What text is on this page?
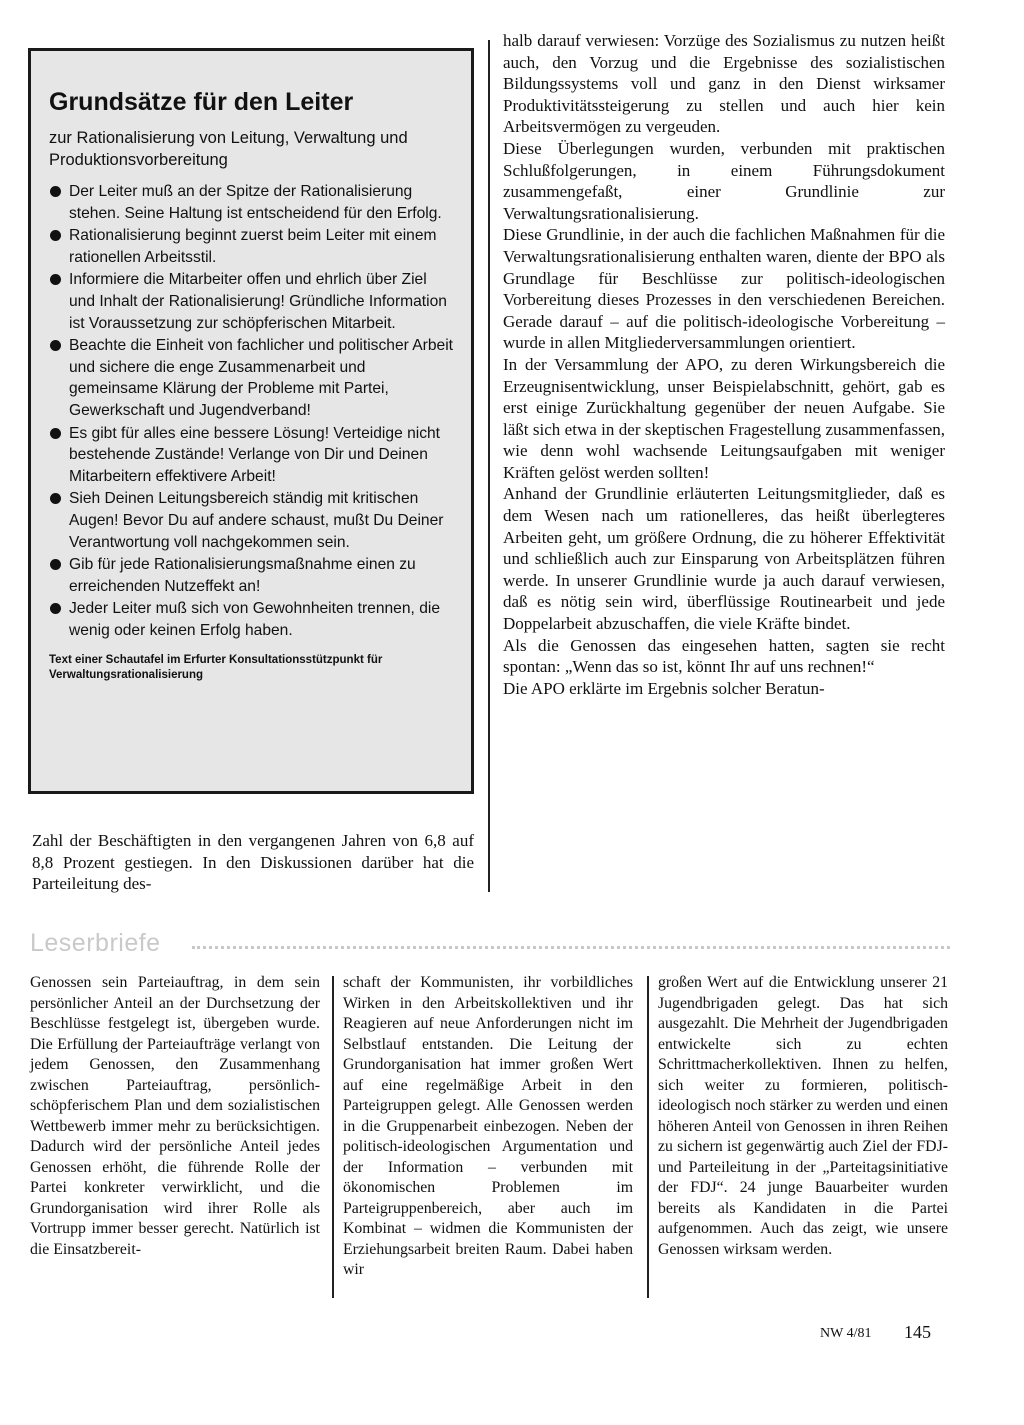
Grundsätze für den Leiter
zur Rationalisierung von Leitung, Verwaltung und Produktionsvorbereitung
Der Leiter muß an der Spitze der Rationalisierung stehen. Seine Haltung ist entscheidend für den Erfolg.
Rationalisierung beginnt zuerst beim Leiter mit einem rationellen Arbeitsstil.
Informiere die Mitarbeiter offen und ehrlich über Ziel und Inhalt der Rationalisierung! Gründliche Information ist Voraussetzung zur schöpferischen Mitarbeit.
Beachte die Einheit von fachlicher und politischer Arbeit und sichere die enge Zusammenarbeit und gemeinsame Klärung der Probleme mit Partei, Gewerkschaft und Jugendverband!
Es gibt für alles eine bessere Lösung! Verteidige nicht bestehende Zustände! Verlange von Dir und Deinen Mitarbeitern effektivere Arbeit!
Sieh Deinen Leitungsbereich ständig mit kritischen Augen! Bevor Du auf andere schaust, mußt Du Deiner Verantwortung voll nachgekommen sein.
Gib für jede Rationalisierungsmaßnahme einen zu erreichenden Nutzeffekt an!
Jeder Leiter muß sich von Gewohnheiten trennen, die wenig oder keinen Erfolg haben.
Text einer Schautafel im Erfurter Konsultationsstützpunkt für Verwaltungsrationalisierung

Zahl der Beschäftigten in den vergangenen Jahren von 6,8 auf 8,8 Prozent gestiegen. In den Diskussionen darüber hat die Parteileitung des-

halb darauf verwiesen: Vorzüge des Sozialismus zu nutzen heißt auch, den Vorzug und die Ergebnisse des sozialistischen Bildungssystems voll und ganz in den Dienst wirksamer Produktivitätssteigerung zu stellen und auch hier kein Arbeitsvermögen zu vergeuden.

Diese Überlegungen wurden, verbunden mit praktischen Schlußfolgerungen, in einem Führungsdokument zusammengefaßt, einer Grundlinie zur Verwaltungsrationalisierung.

Diese Grundlinie, in der auch die fachlichen Maßnahmen für die Verwaltungsrationalisierung enthalten waren, diente der BPO als Grundlage für Beschlüsse zur politisch-ideologischen Vorbereitung dieses Prozesses in den verschiedenen Bereichen. Gerade darauf – auf die politisch-ideologische Vorbereitung – wurde in allen Mitgliederversammlungen orientiert.

In der Versammlung der APO, zu deren Wirkungsbereich die Erzeugnisentwicklung, unser Beispielabschnitt, gehört, gab es erst einige Zurückhaltung gegenüber der neuen Aufgabe. Sie läßt sich etwa in der skeptischen Fragestellung zusammenfassen, wie denn wohl wachsende Leitungsaufgaben mit weniger Kräften gelöst werden sollten!

Anhand der Grundlinie erläuterten Leitungsmitglieder, daß es dem Wesen nach um rationelleres, das heißt überlegteres Arbeiten geht, um größere Ordnung, die zu höherer Effektivität und schließlich auch zur Einsparung von Arbeitsplätzen führen werde. In unserer Grundlinie wurde ja auch darauf verwiesen, daß es nötig sein wird, überflüssige Routinearbeit und jede Doppelarbeit abzuschaffen, die viele Kräfte bindet.

Als die Genossen das eingesehen hatten, sagten sie recht spontan: „Wenn das so ist, könnt Ihr auf uns rechnen!“

Die APO erklärte im Ergebnis solcher Beratun-

Leserbriefe

Genossen sein Parteiauftrag, in dem sein persönlicher Anteil an der Durchsetzung der Beschlüsse festgelegt ist, übergeben wurde. Die Erfüllung der Parteiaufträge verlangt von jedem Genossen, den Zusammenhang zwischen Parteiauftrag, persönlich-schöpferischem Plan und dem sozialistischen Wettbewerb immer mehr zu berücksichtigen. Dadurch wird der persönliche Anteil jedes Genossen erhöht, die führende Rolle der Partei konkreter verwirklicht, und die Grundorganisation wird ihrer Rolle als Vortrupp immer besser gerecht. Natürlich ist die Einsatzbereit-

schaft der Kommunisten, ihr vorbildliches Wirken in den Arbeitskollektiven und ihr Reagieren auf neue Anforderungen nicht im Selbstlauf entstanden. Die Leitung der Grundorganisation hat immer großen Wert auf eine regelmäßige Arbeit in den Parteigruppen gelegt. Alle Genossen werden in die Gruppenarbeit einbezogen. Neben der politisch-ideologischen Argumentation und der Information – verbunden mit ökonomischen Problemen im Parteigruppenbereich, aber auch im Kombinat – widmen die Kommunisten der Erziehungsarbeit breiten Raum. Dabei haben wir

großen Wert auf die Entwicklung unserer 21 Jugendbrigaden gelegt. Das hat sich ausgezahlt. Die Mehrheit der Jugendbrigaden entwickelte sich zu echten Schrittmacherkollektiven. Ihnen zu helfen, sich weiter zu formieren, politisch-ideologisch noch stärker zu werden und einen höheren Anteil von Genossen in ihren Reihen zu sichern ist gegenwärtig auch Ziel der FDJ- und Parteileitung in der „Parteitagsinitiative der FDJ“. 24 junge Bauarbeiter wurden bereits als Kandidaten in die Partei aufgenommen. Auch das zeigt, wie unsere Genossen wirksam werden.

NW 4/81 145
